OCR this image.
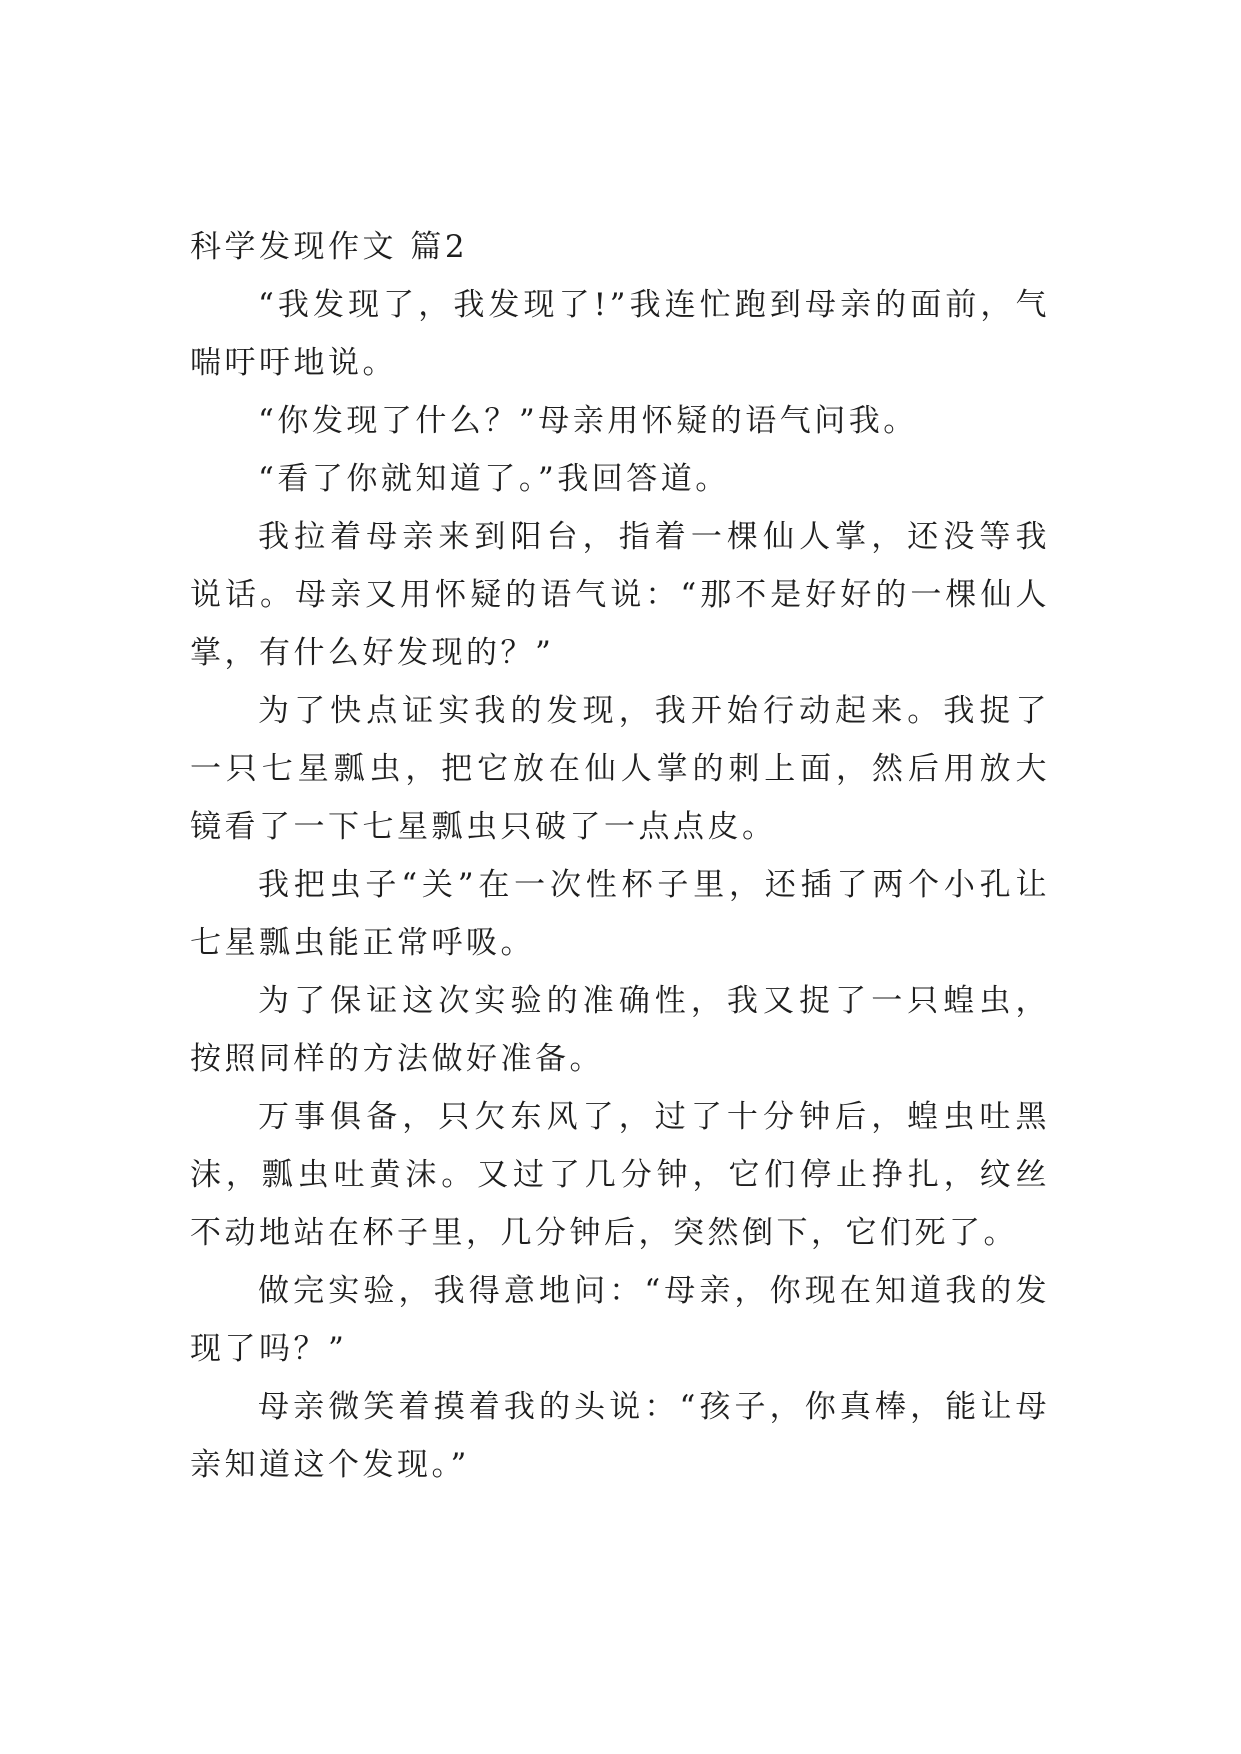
科学发现作文 篇2

“我发现了，我发现了!”我连忙跑到母亲的面前，气喘吁吁地说。

“你发现了什么？”母亲用怀疑的语气问我。

“看了你就知道了。”我回答道。

我拉着母亲来到阳台，指着一棵仙人掌，还没等我说话。母亲又用怀疑的语气说：“那不是好好的一棵仙人掌，有什么好发现的？”

为了快点证实我的发现，我开始行动起来。我捉了一只七星瓢虫，把它放在仙人掌的刺上面，然后用放大镜看了一下七星瓢虫只破了一点点皮。

我把虫子“关”在一次性杯子里，还插了两个小孔让七星瓢虫能正常呼吸。

为了保证这次实验的准确性，我又捉了一只蝗虫，按照同样的方法做好准备。

万事俱备，只欠东风了，过了十分钟后，蝗虫吐黑沫，瓢虫吐黄沫。又过了几分钟，它们停止挣扎，纹丝不动地站在杯子里，几分钟后，突然倒下，它们死了。

做完实验，我得意地问：“母亲，你现在知道我的发现了吗？”

母亲微笑着摸着我的头说：“孩子，你真棒，能让母亲知道这个发现。”
